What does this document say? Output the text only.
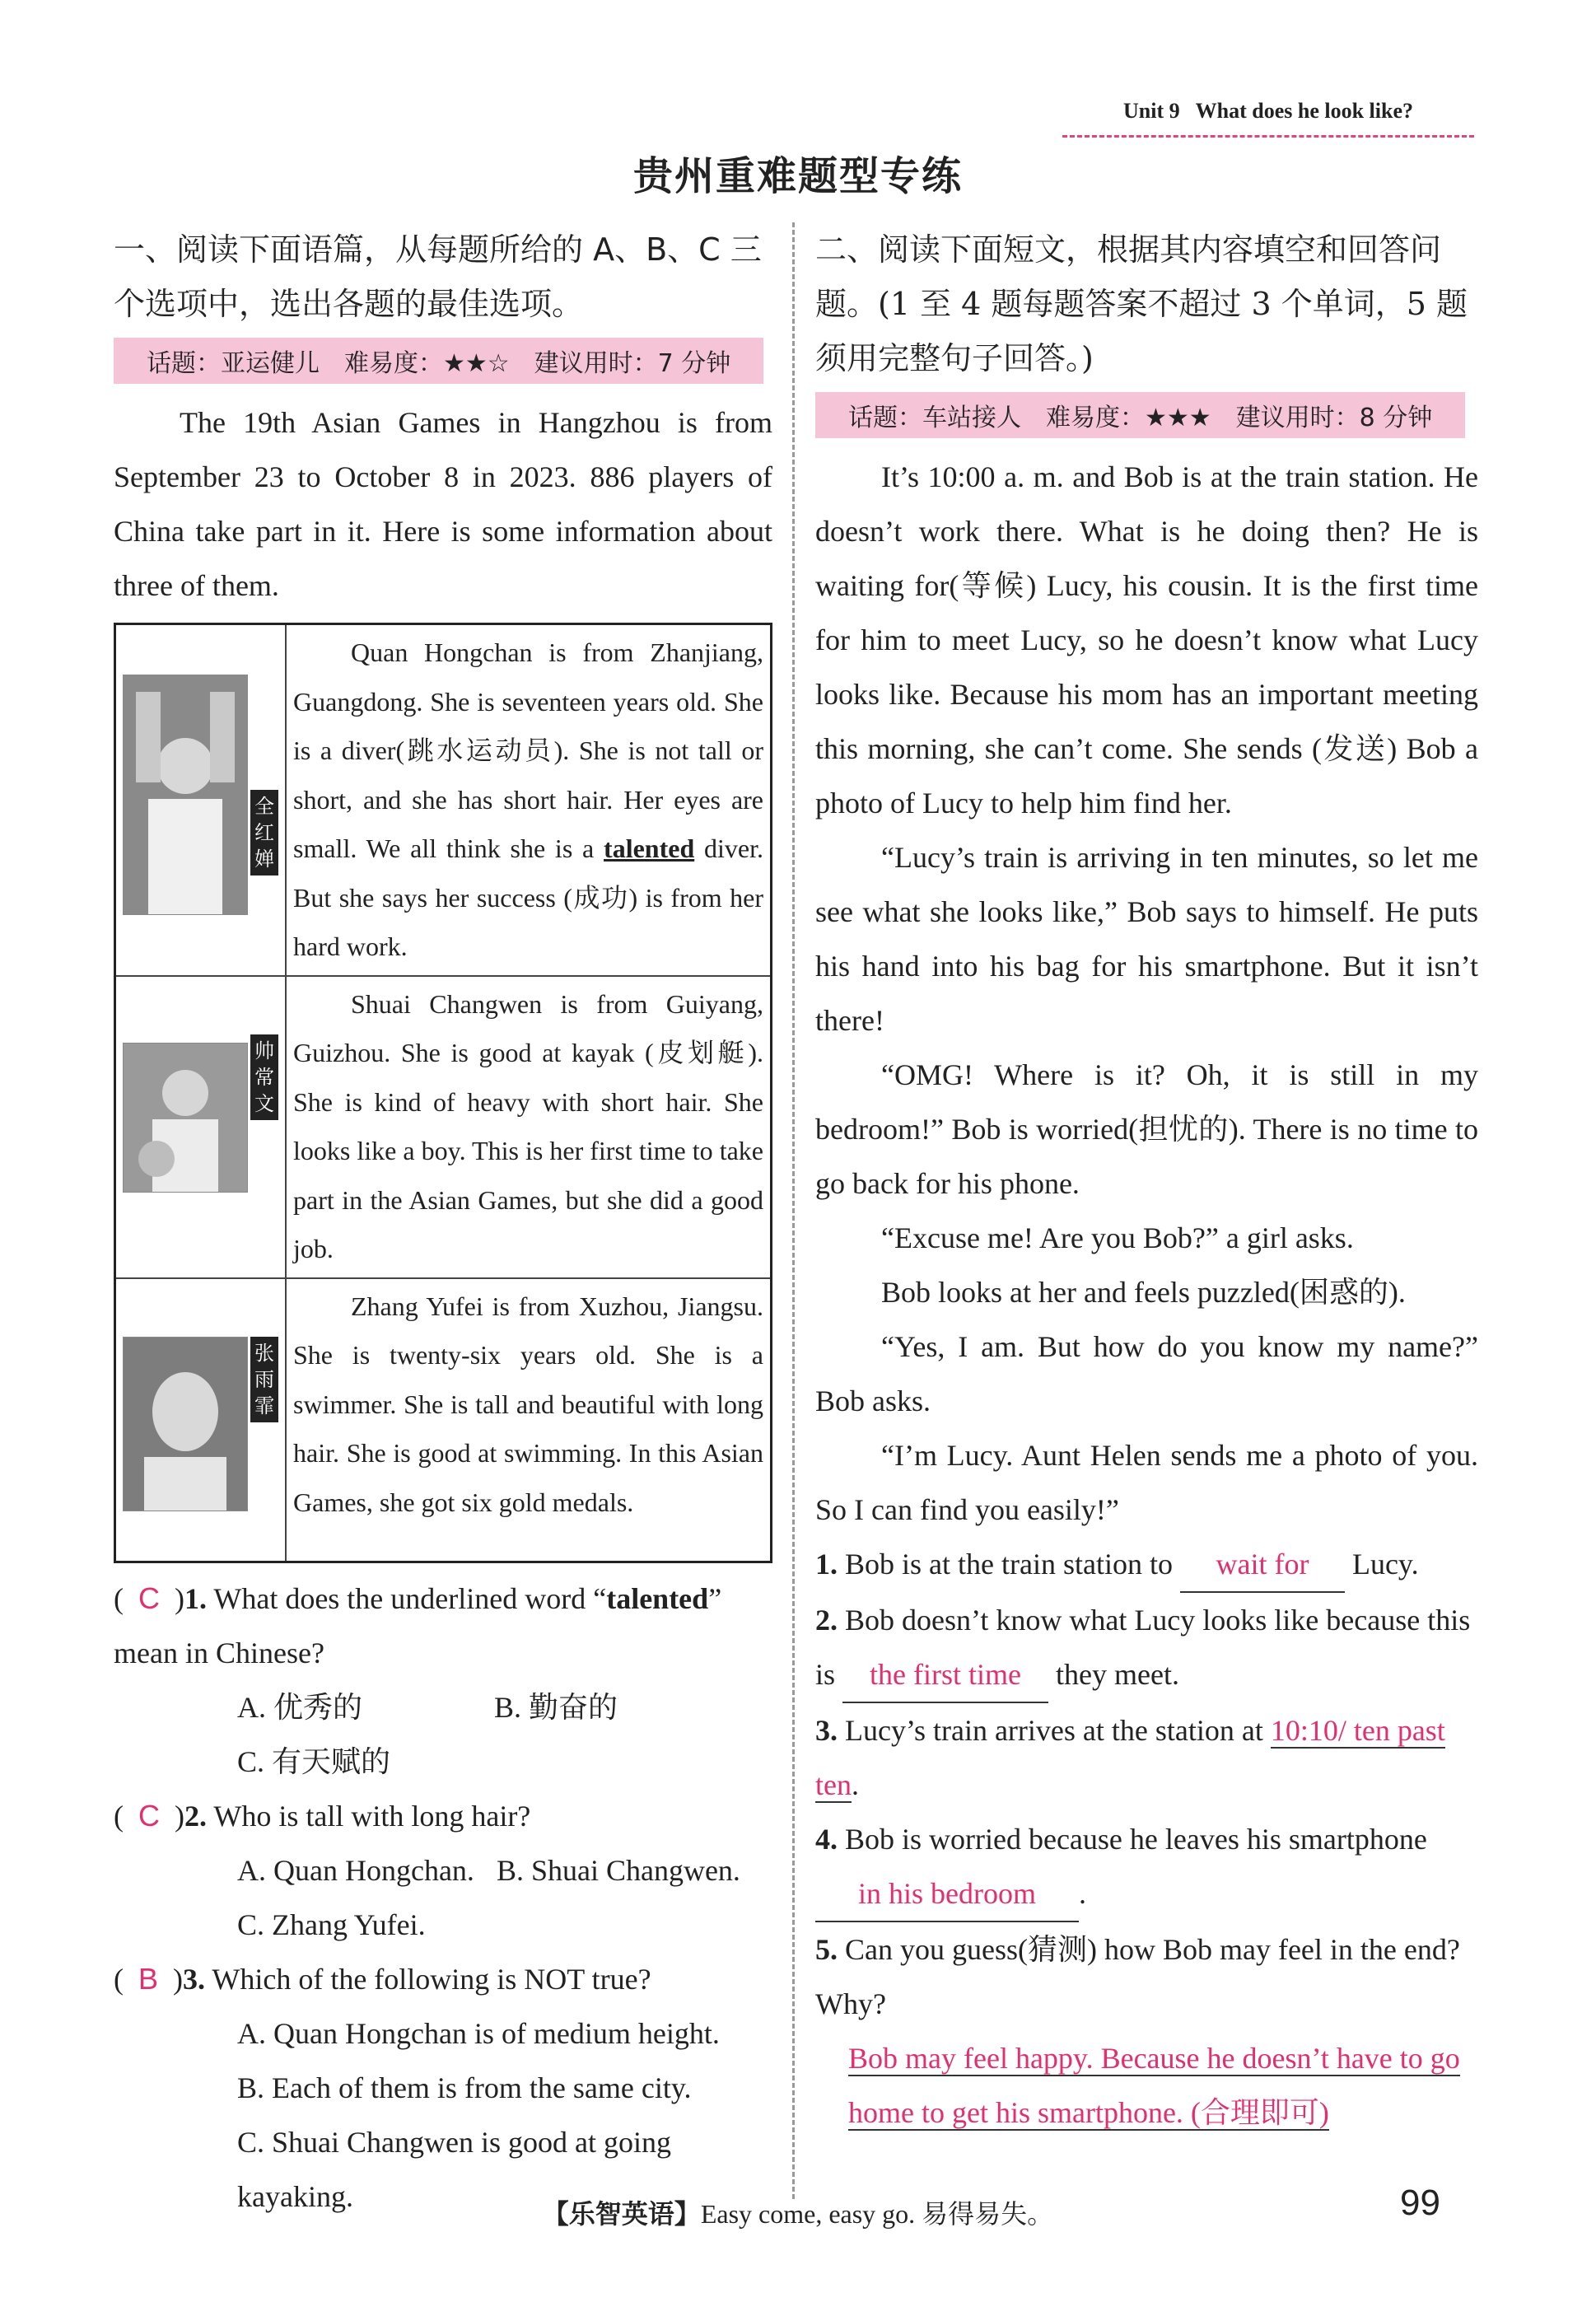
Unit 9 What does he look like?
贵州重难题型专练

一、阅读下面语篇，从每题所给的 A、B、C 三个选项中，选出各题的最佳选项。

话题：亚运健儿　难易度：★★☆　建议用时：7 分钟

The 19th Asian Games in Hangzhou is from September 23 to October 8 in 2023. 886 players of China take part in it. Here is some information about three of them.

全红婵	Quan Hongchan is from Zhanjiang, Guangdong. She is seventeen years old. She is a diver(跳水运动员). She is not tall or short, and she has short hair. Her eyes are small. We all think she is a talented diver. But she says her success (成功) is from her hard work.

帅常文	Shuai Changwen is from Guiyang, Guizhou. She is good at kayak (皮划艇). She is kind of heavy with short hair. She looks like a boy. This is her first time to take part in the Asian Games, but she did a good job.

张雨霏	Zhang Yufei is from Xuzhou, Jiangsu. She is twenty-six years old. She is a swimmer. She is tall and beautiful with long hair. She is good at swimming. In this Asian Games, she got six gold medals.

(  C  )1. What does the underlined word “talented” mean in Chinese?

A. 优秀的	B. 勤奋的
C. 有天赋的

(  C  )2. Who is tall with long hair?

A. Quan Hongchan. B. Shuai Changwen.
C. Zhang Yufei.

(  B  )3. Which of the following is NOT true?

A. Quan Hongchan is of medium height.
B. Each of them is from the same city.
C. Shuai Changwen is good at going kayaking.

二、阅读下面短文，根据其内容填空和回答问题。(1 至 4 题每题答案不超过 3 个单词，5 题须用完整句子回答。)

话题：车站接人　难易度：★★★　建议用时：8 分钟

It’s 10:00 a. m. and Bob is at the train station. He doesn’t work there. What is he doing then? He is waiting for(等候) Lucy, his cousin. It is the first time for him to meet Lucy, so he doesn’t know what Lucy looks like. Because his mom has an important meeting this morning, she can’t come. She sends (发送) Bob a photo of Lucy to help him find her.

“Lucy’s train is arriving in ten minutes, so let me see what she looks like,” Bob says to himself. He puts his hand into his bag for his smartphone. But it isn’t there!

“OMG! Where is it? Oh, it is still in my bedroom!” Bob is worried(担忧的). There is no time to go back for his phone.

“Excuse me! Are you Bob?” a girl asks.

Bob looks at her and feels puzzled(困惑的).

“Yes, I am. But how do you know my name?” Bob asks.

“I’m Lucy. Aunt Helen sends me a photo of you. So I can find you easily!”

1. Bob is at the train station to wait for Lucy.

2. Bob doesn’t know what Lucy looks like because this is the first time they meet.

3. Lucy’s train arrives at the station at 10:10/ ten past ten.

4. Bob is worried because he leaves his smartphone in his bedroom .

5. Can you guess(猜测) how Bob may feel in the end? Why?

Bob may feel happy. Because he doesn’t have to go home to get his smartphone. (合理即可)

【乐智英语】Easy come, easy go. 易得易失。	99
